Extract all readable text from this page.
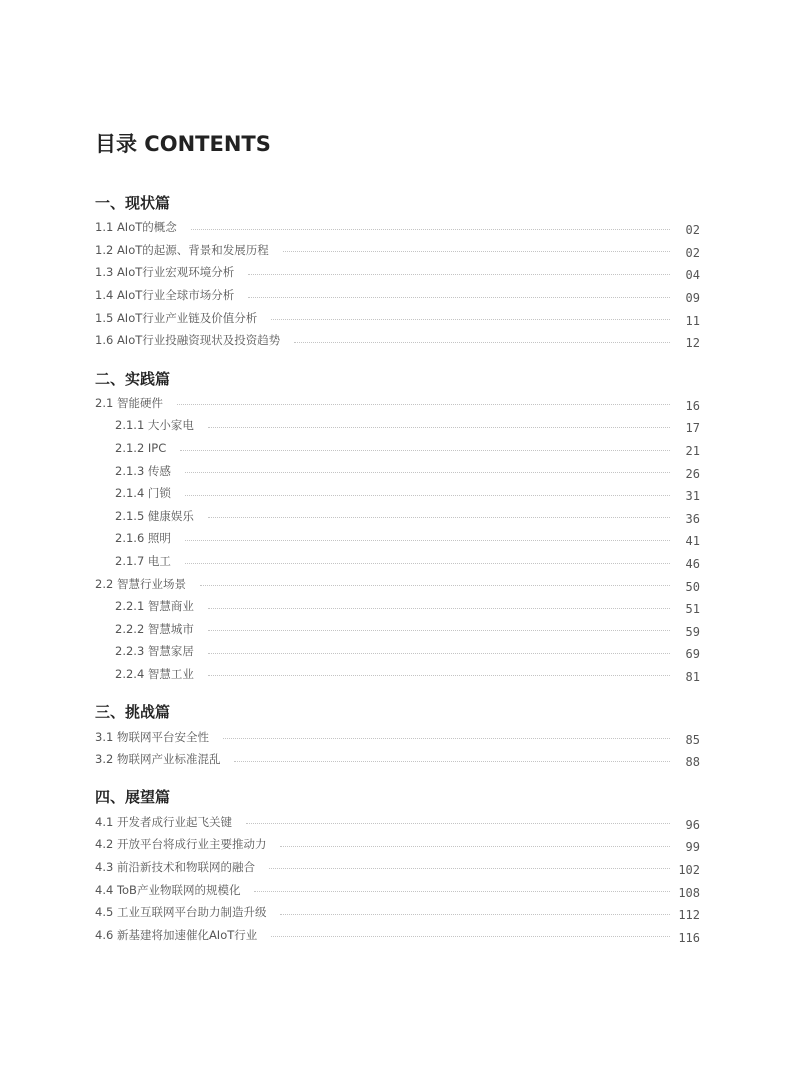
目录 CONTENTS
一、现状篇
1.1 AIoT的概念	02
1.2 AIoT的起源、背景和发展历程	02
1.3 AIoT行业宏观环境分析	04
1.4 AIoT行业全球市场分析	09
1.5 AIoT行业产业链及价值分析	11
1.6 AIoT行业投融资现状及投资趋势	12
二、实践篇
2.1 智能硬件	16
2.1.1 大小家电	17
2.1.2 IPC	21
2.1.3 传感	26
2.1.4 门锁	31
2.1.5 健康娱乐	36
2.1.6 照明	41
2.1.7 电工	46
2.2 智慧行业场景	50
2.2.1 智慧商业	51
2.2.2 智慧城市	59
2.2.3 智慧家居	69
2.2.4 智慧工业	81
三、挑战篇
3.1 物联网平台安全性	85
3.2 物联网产业标准混乱	88
四、展望篇
4.1 开发者成行业起飞关键	96
4.2 开放平台将成行业主要推动力	99
4.3 前沿新技术和物联网的融合	102
4.4 ToB产业物联网的规模化	108
4.5 工业互联网平台助力制造升级	112
4.6 新基建将加速催化AIoT行业	116
